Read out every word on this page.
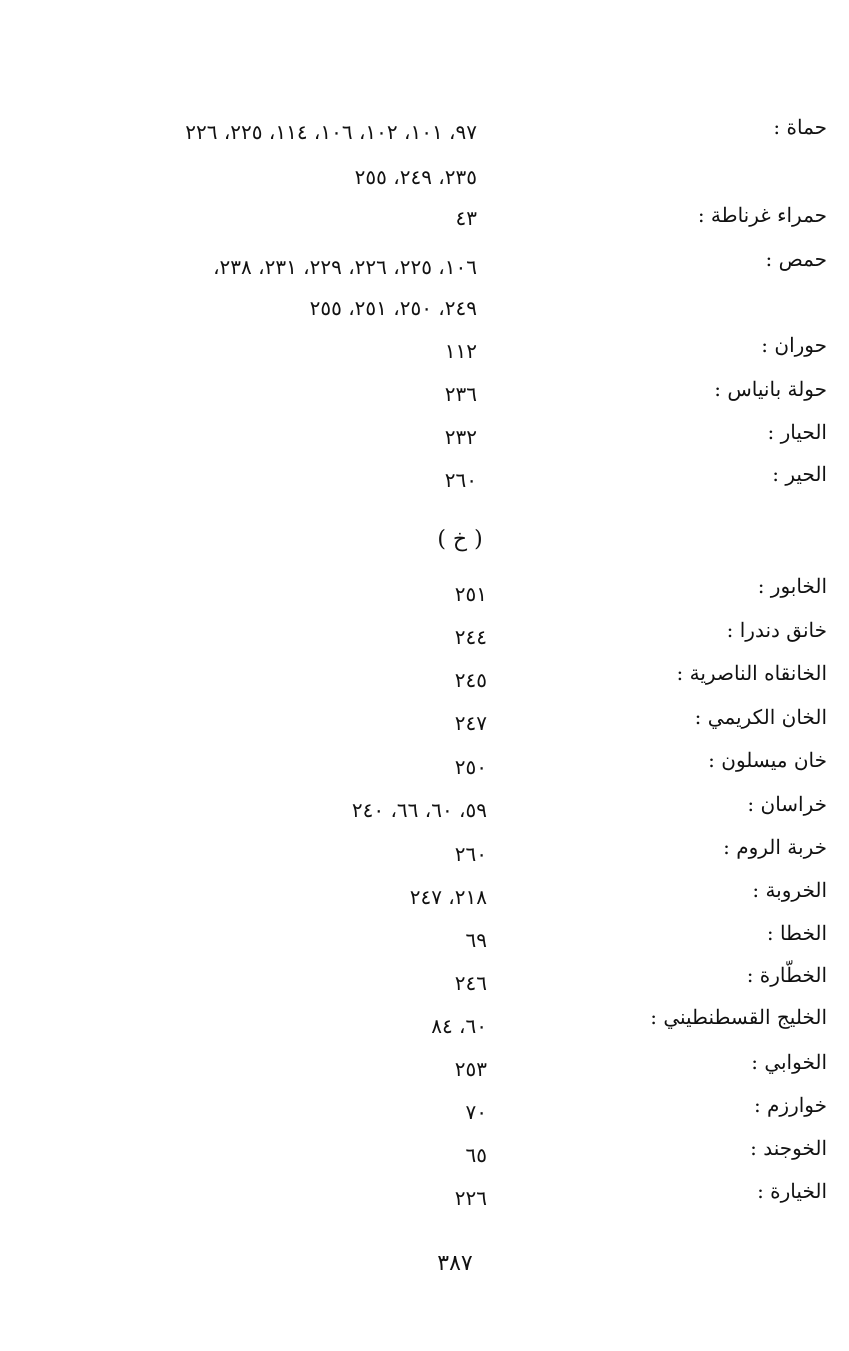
حماة :
٩٧، ١٠١، ١٠٢، ١٠٦، ١١٤، ٢٢٥، ٢٢٦
٢٣٥، ٢٤٩، ٢٥٥
حمراء غرناطة :
٤٣
حمص :
١٠٦، ٢٢٥، ٢٢٦، ٢٢٩، ٢٣١، ٢٣٨،
٢٤٩، ٢٥٠، ٢٥١، ٢٥٥
حوران :
١١٢
حولة بانياس :
٢٣٦
الحيار :
٢٣٢
الحير :
٢٦٠
( خ )
الخابور :
٢٥١
خانق دندرا :
٢٤٤
الخانقاه الناصرية :
٢٤٥
الخان الكريمي :
٢٤٧
خان ميسلون :
٢٥٠
خراسان :
٥٩، ٦٠، ٦٦، ٢٤٠
خربة الروم :
٢٦٠
الخروبة :
٢١٨، ٢٤٧
الخطا :
٦٩
الخطّارة :
٢٤٦
الخليج القسطنطيني :
٦٠، ٨٤
الخوابي :
٢٥٣
خوارزم :
٧٠
الخوجند :
٦٥
الخيارة :
٢٢٦
٣٨٧
